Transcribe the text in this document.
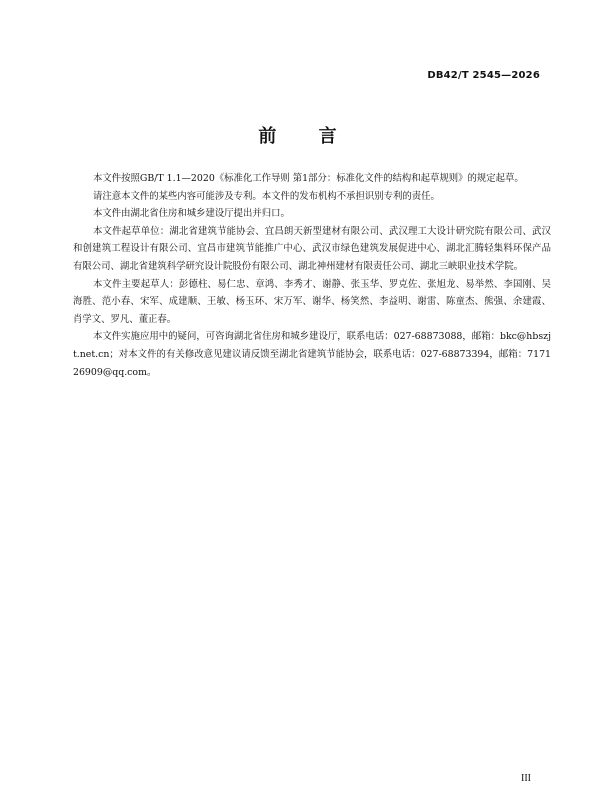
DB42/T 2545—2026
前 言

本文件按照GB/T 1.1—2020《标准化工作导则 第1部分：标准化文件的结构和起草规则》的规定起草。

请注意本文件的某些内容可能涉及专利。本文件的发布机构不承担识别专利的责任。

本文件由湖北省住房和城乡建设厅提出并归口。

本文件起草单位：湖北省建筑节能协会、宜昌朗天新型建材有限公司、武汉理工大设计研究院有限公司、武汉和创建筑工程设计有限公司、宜昌市建筑节能推广中心、武汉市绿色建筑发展促进中心、湖北汇腾轻集料环保产品有限公司、湖北省建筑科学研究设计院股份有限公司、湖北神州建材有限责任公司、湖北三峡职业技术学院。

本文件主要起草人：彭德柱、易仁忠、章鸿、李秀才、谢静、张玉华、罗克佐、张旭龙、易举然、李国刚、吴海胜、范小春、宋军、成建顺、王敏、杨玉环、宋万军、谢华、杨笑然、李益明、谢雷、陈童杰、熊强、余建霞、肖学文、罗凡、董正春。

本文件实施应用中的疑问，可咨询湖北省住房和城乡建设厅，联系电话：027-68873088，邮箱：bkc@hbszjt.net.cn；对本文件的有关修改意见建议请反馈至湖北省建筑节能协会，联系电话：027-68873394，邮箱：717126909@qq.com。

III
